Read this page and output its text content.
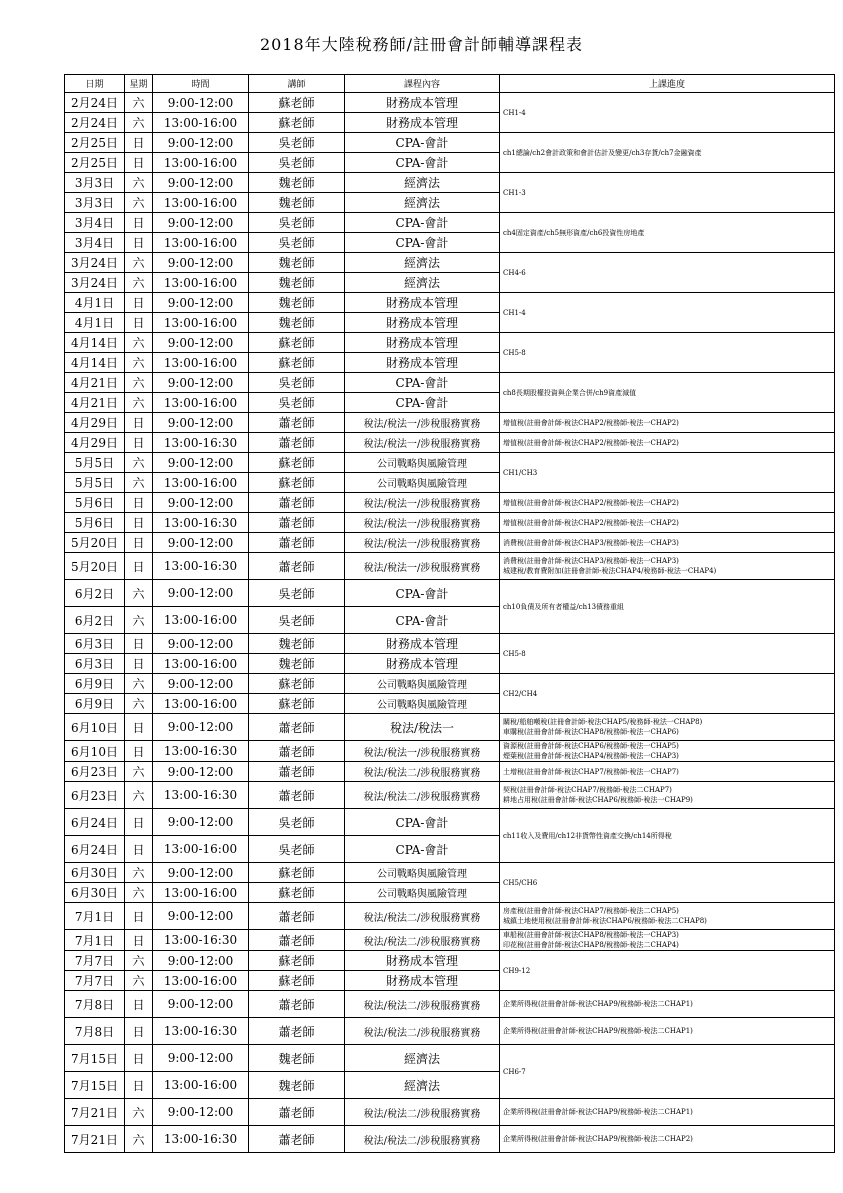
2018年大陸稅務師/註冊會計師輔導課程表
日期	星期	時間	講師	課程內容	上課進度
2月24日	六	9:00-12:00	蘇老師	財務成本管理	CH1-4

2月24日	六	13:00-16:00	蘇老師	財務成本管理	
2月25日	日	9:00-12:00	吳老師	CPA-會計	ch1總論/ch2會計政策和會計估計及變更/ch3存貨/ch7金融資產

2月25日	日	13:00-16:00	吳老師	CPA-會計	
3月3日	六	9:00-12:00	魏老師	經濟法	CH1-3

3月3日	六	13:00-16:00	魏老師	經濟法	
3月4日	日	9:00-12:00	吳老師	CPA-會計	ch4固定資產/ch5無形資產/ch6投資性房地產

3月4日	日	13:00-16:00	吳老師	CPA-會計	
3月24日	六	9:00-12:00	魏老師	經濟法	CH4-6

3月24日	六	13:00-16:00	魏老師	經濟法	
4月1日	日	9:00-12:00	魏老師	財務成本管理	CH1-4

4月1日	日	13:00-16:00	魏老師	財務成本管理	
4月14日	六	9:00-12:00	蘇老師	財務成本管理	CH5-8

4月14日	六	13:00-16:00	蘇老師	財務成本管理	
4月21日	六	9:00-12:00	吳老師	CPA-會計	ch8長期股權投資與企業合併/ch9資產減值

4月21日	六	13:00-16:00	吳老師	CPA-會計	
4月29日	日	9:00-12:00	蕭老師	稅法/稅法一/涉稅服務實務	增值稅(註冊會計師-稅法CHAP2/稅務師-稅法一CHAP2)

4月29日	日	13:00-16:30	蕭老師	稅法/稅法一/涉稅服務實務	增值稅(註冊會計師-稅法CHAP2/稅務師-稅法一CHAP2)

5月5日	六	9:00-12:00	蘇老師	公司戰略與風險管理	CH1/CH3

5月5日	六	13:00-16:00	蘇老師	公司戰略與風險管理	
5月6日	日	9:00-12:00	蕭老師	稅法/稅法一/涉稅服務實務	增值稅(註冊會計師-稅法CHAP2/稅務師-稅法一CHAP2)

5月6日	日	13:00-16:30	蕭老師	稅法/稅法一/涉稅服務實務	增值稅(註冊會計師-稅法CHAP2/稅務師-稅法一CHAP2)

5月20日	日	9:00-12:00	蕭老師	稅法/稅法一/涉稅服務實務	消費稅(註冊會計師-稅法CHAP3/稅務師-稅法一CHAP3)

5月20日	日	13:00-16:30	蕭老師	稅法/稅法一/涉稅服務實務	消費稅(註冊會計師-稅法CHAP3/稅務師-稅法一CHAP3)
城建稅/教育費附加(註冊會計師-稅法CHAP4/稅務師-稅法一CHAP4)

6月2日	六	9:00-12:00	吳老師	CPA-會計	ch10負債及所有者權益/ch13債務重組

6月2日	六	13:00-16:00	吳老師	CPA-會計	
6月3日	日	9:00-12:00	魏老師	財務成本管理	CH5-8

6月3日	日	13:00-16:00	魏老師	財務成本管理	
6月9日	六	9:00-12:00	蘇老師	公司戰略與風險管理	CH2/CH4

6月9日	六	13:00-16:00	蘇老師	公司戰略與風險管理	
6月10日	日	9:00-12:00	蕭老師	稅法/稅法一	關稅/船舶噸稅(註冊會計師-稅法CHAP5/稅務師-稅法一CHAP8)
車購稅(註冊會計師-稅法CHAP8/稅務師-稅法一CHAP6)

6月10日	日	13:00-16:30	蕭老師	稅法/稅法一/涉稅服務實務	資源稅(註冊會計師-稅法CHAP6/稅務師-稅法一CHAP5)
煙葉稅(註冊會計師-稅法CHAP4/稅務師-稅法一CHAP3)

6月23日	六	9:00-12:00	蕭老師	稅法/稅法二/涉稅服務實務	土增稅(註冊會計師-稅法CHAP7/稅務師-稅法一CHAP7)

6月23日	六	13:00-16:30	蕭老師	稅法/稅法二/涉稅服務實務	契稅(註冊會計師-稅法CHAP7/稅務師-稅法二CHAP7)
耕地占用稅(註冊會計師-稅法CHAP6/稅務師-稅法一CHAP9)

6月24日	日	9:00-12:00	吳老師	CPA-會計	ch11收入及費用/ch12非貨幣性資產交換/ch14所得稅

6月24日	日	13:00-16:00	吳老師	CPA-會計	
6月30日	六	9:00-12:00	蘇老師	公司戰略與風險管理	CH5/CH6

6月30日	六	13:00-16:00	蘇老師	公司戰略與風險管理	
7月1日	日	9:00-12:00	蕭老師	稅法/稅法二/涉稅服務實務	房產稅(註冊會計師-稅法CHAP7/稅務師-稅法二CHAP5)
城鎮土地使用稅(註冊會計師-稅法CHAP6/稅務師-稅法二CHAP8)

7月1日	日	13:00-16:30	蕭老師	稅法/稅法二/涉稅服務實務	車船稅(註冊會計師-稅法CHAP8/稅務師-稅法一CHAP3)
印花稅(註冊會計師-稅法CHAP8/稅務師-稅法二CHAP4)

7月7日	六	9:00-12:00	蘇老師	財務成本管理	CH9-12

7月7日	六	13:00-16:00	蘇老師	財務成本管理	
7月8日	日	9:00-12:00	蕭老師	稅法/稅法二/涉稅服務實務	企業所得稅(註冊會計師-稅法CHAP9/稅務師-稅法二CHAP1)

7月8日	日	13:00-16:30	蕭老師	稅法/稅法二/涉稅服務實務	企業所得稅(註冊會計師-稅法CHAP9/稅務師-稅法二CHAP1)

7月15日	日	9:00-12:00	魏老師	經濟法	CH6-7

7月15日	日	13:00-16:00	魏老師	經濟法	
7月21日	六	9:00-12:00	蕭老師	稅法/稅法二/涉稅服務實務	企業所得稅(註冊會計師-稅法CHAP9/稅務師-稅法二CHAP1)

7月21日	六	13:00-16:30	蕭老師	稅法/稅法二/涉稅服務實務	企業所得稅(註冊會計師-稅法CHAP9/稅務師-稅法二CHAP2)
